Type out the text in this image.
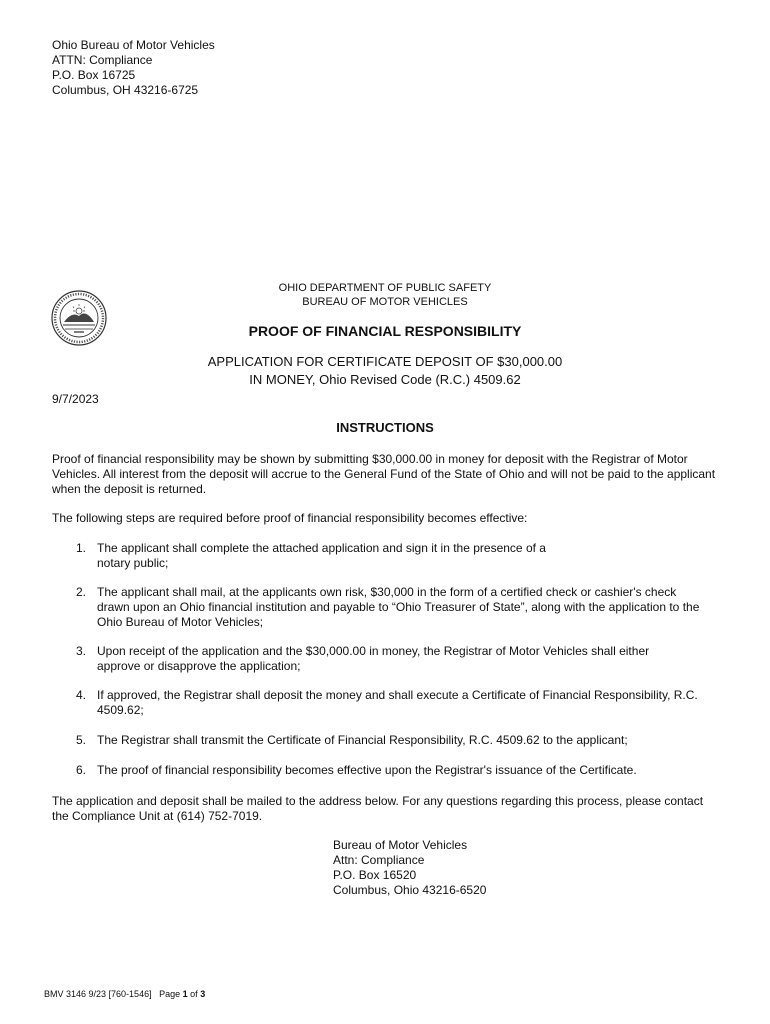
Ohio Bureau of Motor Vehicles
ATTN: Compliance
P.O. Box 16725
Columbus, OH 43216-6725
OHIO DEPARTMENT OF PUBLIC SAFETY
BUREAU OF MOTOR VEHICLES
PROOF OF FINANCIAL RESPONSIBILITY
APPLICATION FOR CERTIFICATE DEPOSIT OF $30,000.00
IN MONEY, Ohio Revised Code (R.C.) 4509.62
9/7/2023
INSTRUCTIONS
Proof of financial responsibility may be shown by submitting $30,000.00 in money for deposit with the Registrar of Motor Vehicles. All interest from the deposit will accrue to the General Fund of the State of Ohio and will not be paid to the applicant when the deposit is returned.
The following steps are required before proof of financial responsibility becomes effective:
1. The applicant shall complete the attached application and sign it in the presence of a notary public;
2. The applicant shall mail, at the applicants own risk, $30,000 in the form of a certified check or cashier's check drawn upon an Ohio financial institution and payable to “Ohio Treasurer of State”, along with the application to the Ohio Bureau of Motor Vehicles;
3. Upon receipt of the application and the $30,000.00 in money, the Registrar of Motor Vehicles shall either approve or disapprove the application;
4. If approved, the Registrar shall deposit the money and shall execute a Certificate of Financial Responsibility, R.C. 4509.62;
5. The Registrar shall transmit the Certificate of Financial Responsibility, R.C. 4509.62 to the applicant;
6. The proof of financial responsibility becomes effective upon the Registrar's issuance of the Certificate.
The application and deposit shall be mailed to the address below. For any questions regarding this process, please contact the Compliance Unit at (614) 752-7019.
Bureau of Motor Vehicles
Attn: Compliance
P.O. Box 16520
Columbus, Ohio 43216-6520
BMV 3146 9/23 [760-1546] Page 1 of 3
